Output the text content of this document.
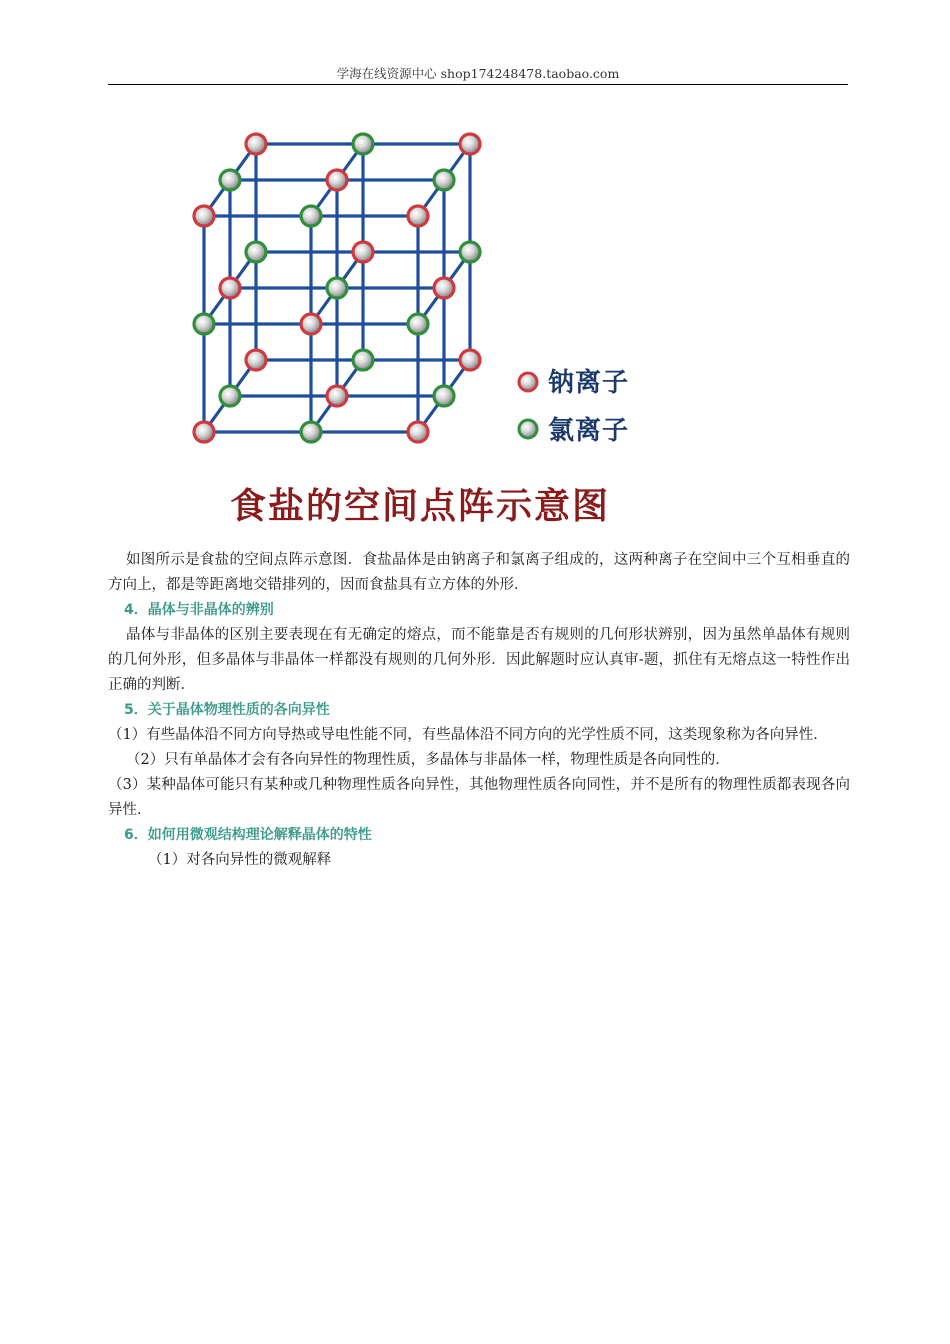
学海在线资源中心 shop174248478.taobao.com
钠离子
氯离子
食盐的空间点阵示意图

如图所示是食盐的空间点阵示意图．食盐晶体是由钠离子和氯离子组成的，这两种离子在空间中三个互相垂直的方向上，都是等距离地交错排列的，因而食盐具有立方体的外形．

4．晶体与非晶体的辨别

晶体与非晶体的区别主要表现在有无确定的熔点，而不能靠是否有规则的几何形状辨别，因为虽然单晶体有规则的几何外形，但多晶体与非晶体一样都没有规则的几何外形．因此解题时应认真审-题，抓住有无熔点这一特性作出正确的判断．

5．关于晶体物理性质的各向异性

（1）有些晶体沿不同方向导热或导电性能不同，有些晶体沿不同方向的光学性质不同，这类现象称为各向异性．

（2）只有单晶体才会有各向异性的物理性质，多晶体与非晶体一样，物理性质是各向同性的．

（3）某种晶体可能只有某种或几种物理性质各向异性，其他物理性质各向同性，并不是所有的物理性质都表现各向异性．

6．如何用微观结构理论解释晶体的特性

（1）对各向异性的微观解释
